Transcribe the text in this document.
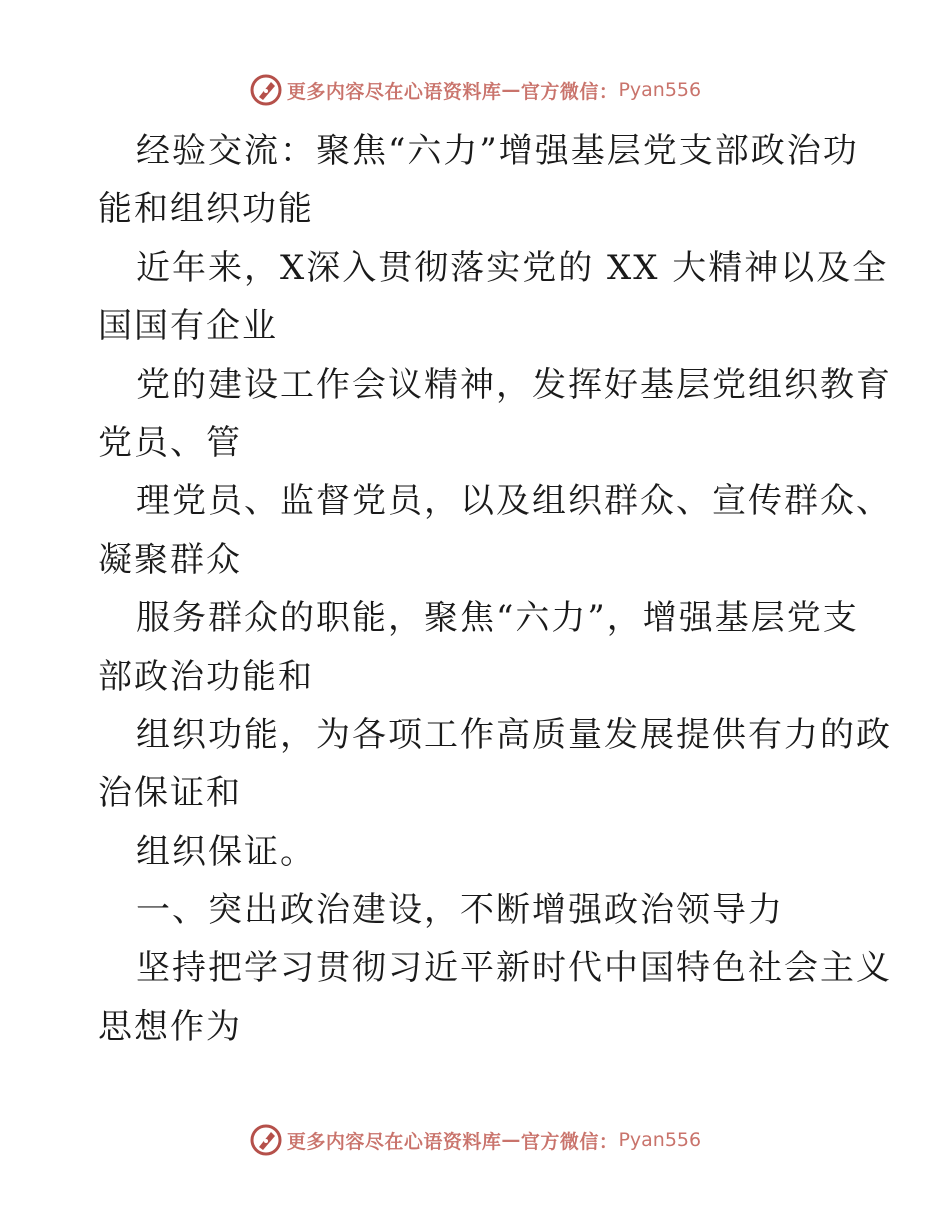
更多内容尽在心语资料库 — 官方微信： Pyan556
经验交流：聚焦“六力”增强基层党支部政治功
能和组织功能
近年来，X深入贯彻落实党的 XX 大精神以及全
国国有企业
党的建设工作会议精神，发挥好基层党组织教育
党员、管
理党员、监督党员，以及组织群众、宣传群众、
凝聚群众
服务群众的职能，聚焦“六力”，增强基层党支
部政治功能和
组织功能，为各项工作高质量发展提供有力的政
治保证和
组织保证。
一、突出政治建设，不断增强政治领导力
坚持把学习贯彻习近平新时代中国特色社会主义
思想作为
更多内容尽在心语资料库 — 官方微信： Pyan556
